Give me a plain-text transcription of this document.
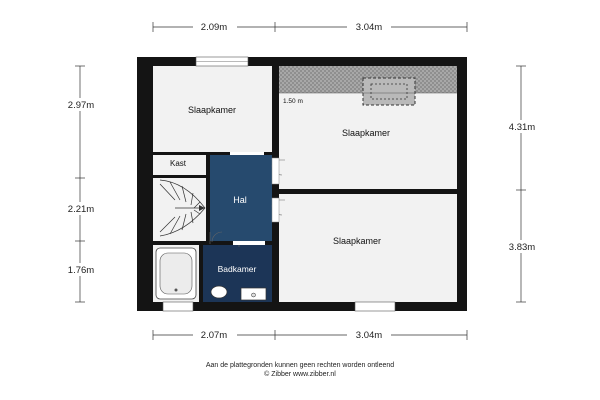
Slaapkamer
Kast
Hal
Badkamer
Slaapkamer
Slaapkamer
1.50 m
2.09m	3.04m
2.07m	3.04m
2.97m
2.21m
1.76m
4.31m
3.83m
Aan de plattegronden kunnen geen rechten worden ontleend
© Zibber www.zibber.nl
